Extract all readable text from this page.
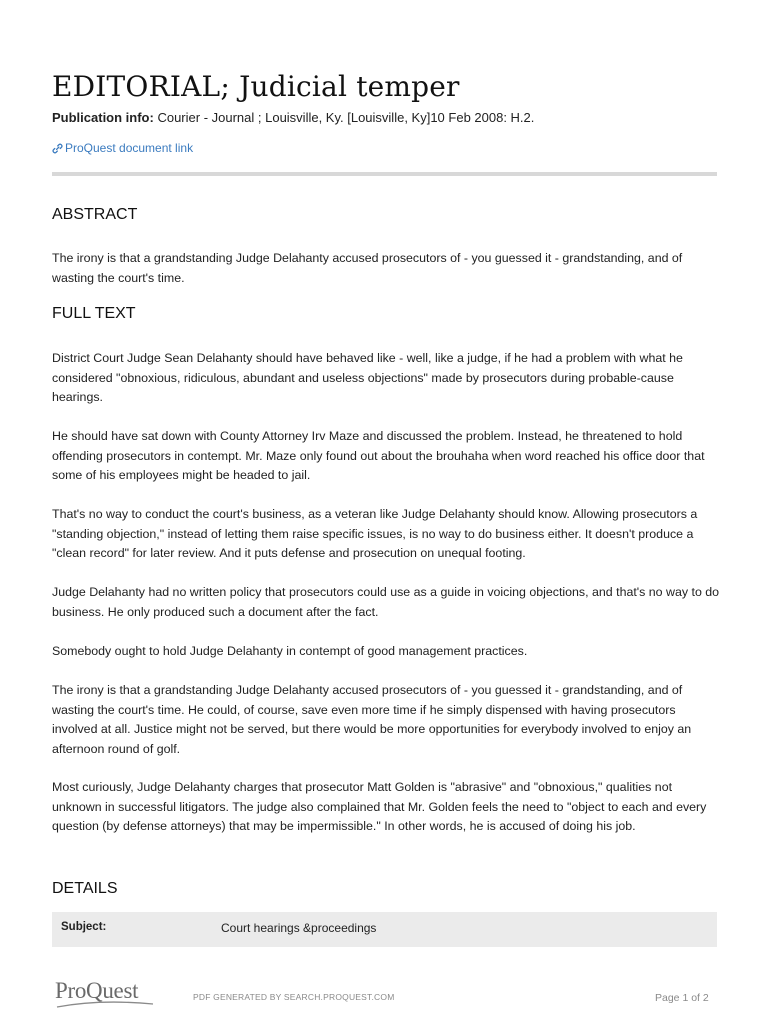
EDITORIAL; Judicial temper
Publication info: Courier - Journal ; Louisville, Ky. [Louisville, Ky]10 Feb 2008: H.2.
ProQuest document link
ABSTRACT

The irony is that a grandstanding Judge Delahanty accused prosecutors of - you guessed it - grandstanding, and of wasting the court's time.

FULL TEXT

District Court Judge Sean Delahanty should have behaved like - well, like a judge, if he had a problem with what he considered "obnoxious, ridiculous, abundant and useless objections" made by prosecutors during probable-cause hearings.

He should have sat down with County Attorney Irv Maze and discussed the problem. Instead, he threatened to hold offending prosecutors in contempt. Mr. Maze only found out about the brouhaha when word reached his office door that some of his employees might be headed to jail.

That's no way to conduct the court's business, as a veteran like Judge Delahanty should know. Allowing prosecutors a "standing objection," instead of letting them raise specific issues, is no way to do business either. It doesn't produce a "clean record" for later review. And it puts defense and prosecution on unequal footing.

Judge Delahanty had no written policy that prosecutors could use as a guide in voicing objections, and that's no way to do business. He only produced such a document after the fact.

Somebody ought to hold Judge Delahanty in contempt of good management practices.

The irony is that a grandstanding Judge Delahanty accused prosecutors of - you guessed it - grandstanding, and of wasting the court's time. He could, of course, save even more time if he simply dispensed with having prosecutors involved at all. Justice might not be served, but there would be more opportunities for everybody involved to enjoy an afternoon round of golf.

Most curiously, Judge Delahanty charges that prosecutor Matt Golden is "abrasive" and "obnoxious," qualities not unknown in successful litigators. The judge also complained that Mr. Golden feels the need to "object to each and every question (by defense attorneys) that may be impermissible." In other words, he is accused of doing his job.

DETAILS
Subject:	Court hearings &proceedings
ProQuest	PDF GENERATED BY SEARCH.PROQUEST.COM	Page 1 of 2
